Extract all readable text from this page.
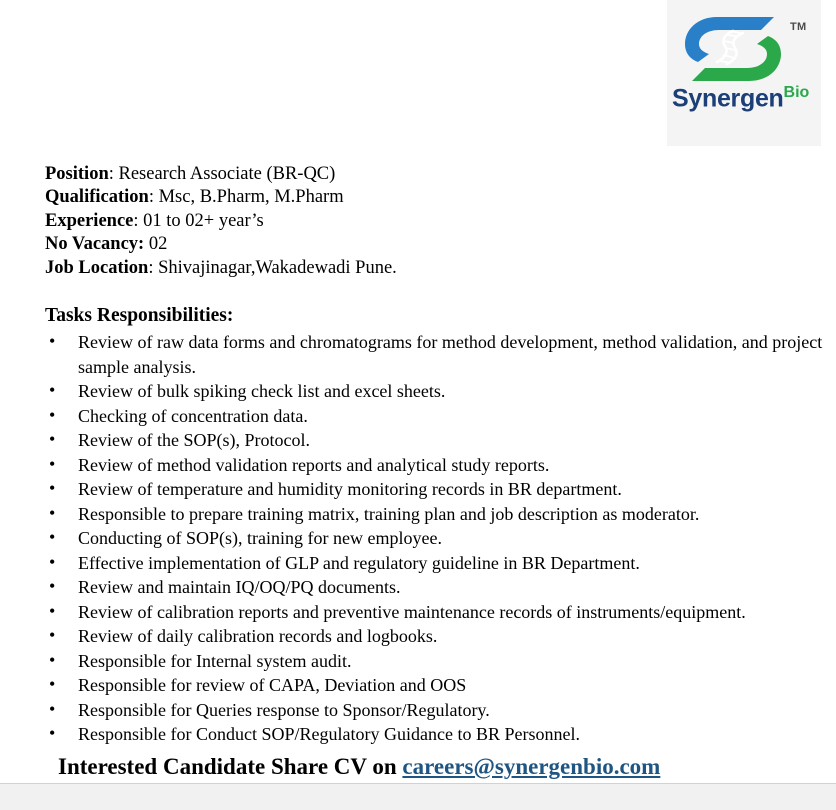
TM
Synergen$^{Bio}$
Position: Research Associate (BR-QC)
Qualification: Msc, B.Pharm, M.Pharm
Experience: 01 to 02+ year’s
No Vacancy: 02
Job Location: Shivajinagar,Wakadewadi Pune.
Tasks Responsibilities:
• Review of raw data forms and chromatograms for method development, method validation, and project sample analysis.
• Review of bulk spiking check list and excel sheets.
• Checking of concentration data.
• Review of the SOP(s), Protocol.
• Review of method validation reports and analytical study reports.
• Review of temperature and humidity monitoring records in BR department.
• Responsible to prepare training matrix, training plan and job description as moderator.
• Conducting of SOP(s), training for new employee.
• Effective implementation of GLP and regulatory guideline in BR Department.
• Review and maintain IQ/OQ/PQ documents.
• Review of calibration reports and preventive maintenance records of instruments/equipment.
• Review of daily calibration records and logbooks.
• Responsible for Internal system audit.
• Responsible for review of CAPA, Deviation and OOS
• Responsible for Queries response to Sponsor/Regulatory.
• Responsible for Conduct SOP/Regulatory Guidance to BR Personnel.
Interested Candidate Share CV on careers@synergenbio.com
